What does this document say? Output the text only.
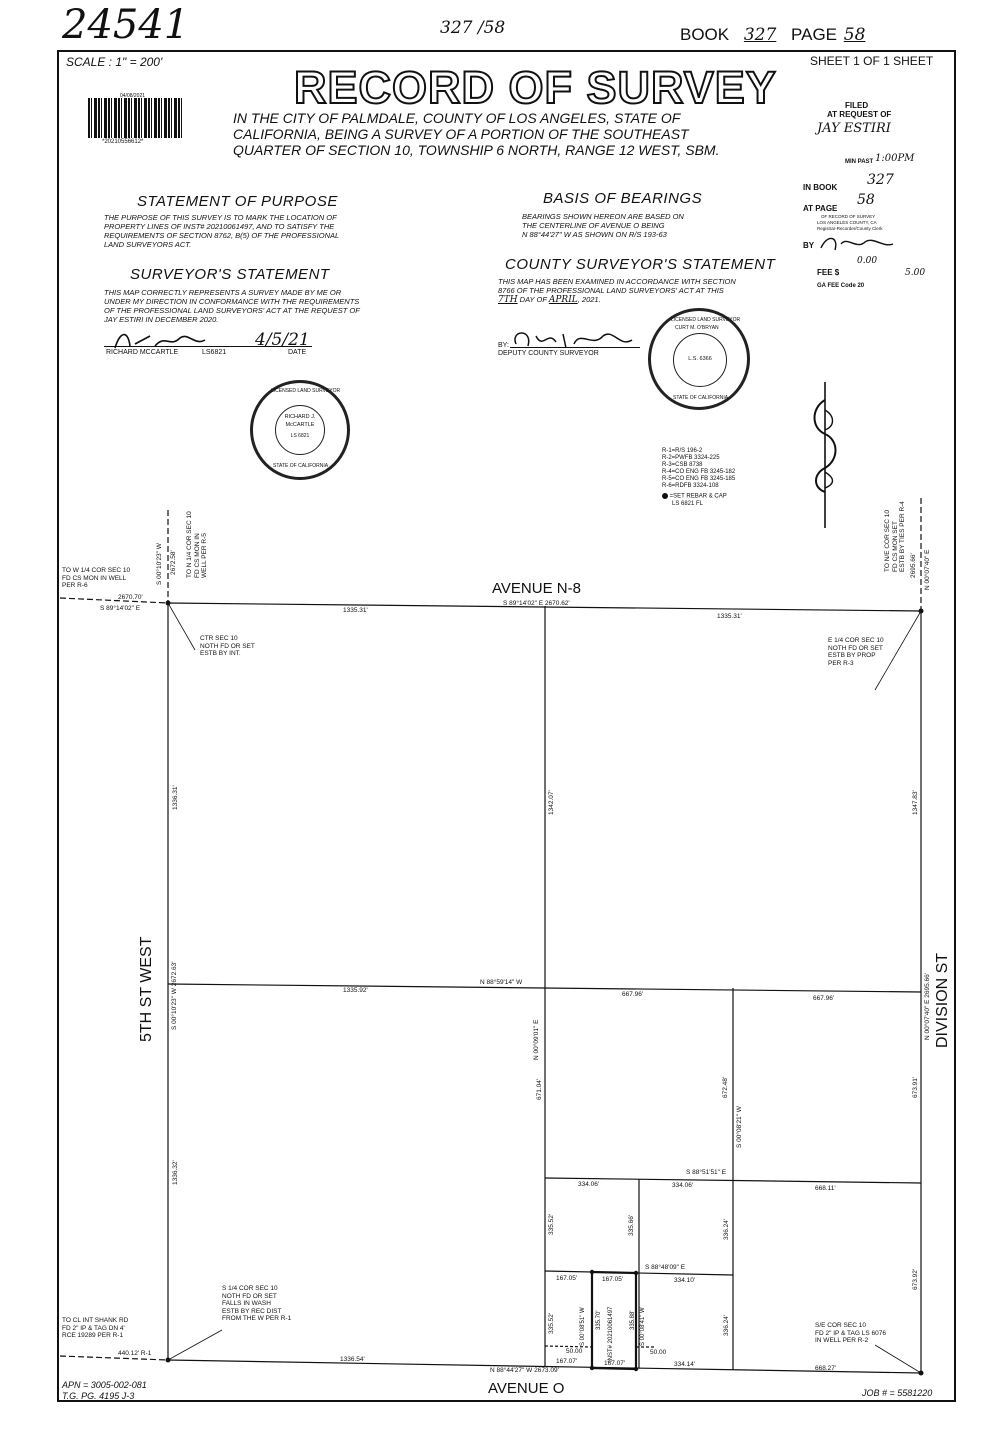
24541	327 /58	BOOK 327 PAGE 58
SCALE : 1" = 200'	SHEET 1 OF 1 SHEET
RECORD OF SURVEY
04/08/2021
*20210556612*
IN THE CITY OF PALMDALE, COUNTY OF LOS ANGELES, STATE OF
CALIFORNIA, BEING A SURVEY OF A PORTION OF THE SOUTHEAST
QUARTER OF SECTION 10, TOWNSHIP 6 NORTH, RANGE 12 WEST, SBM.
STATEMENT OF PURPOSE
THE PURPOSE OF THIS SURVEY IS TO MARK THE LOCATION OF
PROPERTY LINES OF INST# 20210061497, AND TO SATISFY THE
REQUIREMENTS OF SECTION 8762, B(5) OF THE PROFESSIONAL
LAND SURVEYORS ACT.
BASIS OF BEARINGS
BEARINGS SHOWN HEREON ARE BASED ON
THE CENTERLINE OF AVENUE O BEING
N 88°44'27" W AS SHOWN ON R/S 193-63
SURVEYOR'S STATEMENT
THIS MAP CORRECTLY REPRESENTS A SURVEY MADE BY ME OR
UNDER MY DIRECTION IN CONFORMANCE WITH THE REQUIREMENTS
OF THE PROFESSIONAL LAND SURVEYORS' ACT AT THE REQUEST OF
JAY ESTIRI IN DECEMBER 2020.
4/5/21
RICHARD MCCARTLE	LS6821	DATE
RICHARD J.
McCARTLE
LS 6821
LICENSED LAND SURVEYOR
STATE OF CALIFORNIA
COUNTY SURVEYOR'S STATEMENT
THIS MAP HAS BEEN EXAMINED IN ACCORDANCE WITH SECTION
8766 OF THE PROFESSIONAL LAND SURVEYORS' ACT AT THIS
7TH DAY OF APRIL, 2021.
BY:
DEPUTY COUNTY SURVEYOR
L.S. 6366
LICENSED LAND SURVEYOR
CURT M. O'BRYAN
STATE OF CALIFORNIA
FILED
AT REQUEST OF
JAY ESTIRI
MIN PAST 1:00PM
IN BOOK 327
AT PAGE
58
OF RECORD OF SURVEY
LOS ANGELES COUNTY, CA
Registrar-Recorder/County Clerk
BY
0.00
FEE $	5.00
GA FEE Code 20
R-1=R/S 196-2
R-2=PWFB 3324-225
R-3=CSB 8738
R-4=CO ENG FB 3245-182
R-5=CO ENG FB 3245-185
R-6=RDFB 3324-108
=SET REBAR & CAP
LS 6821 FL
AVENUE N-8
AVENUE O
5TH ST WEST	DIVISION ST
TO W 1/4 COR SEC 10
FD CS MON IN WELL
PER R-6
TO N 1/4 COR SEC 10 FD CS MON IN WELL PER R-5	TO N/E COR SEC 10 FD CS MON SET ESTB BY TIES PER R-4
CTR SEC 10
NOTH FD OR SET
ESTB BY INT.
E 1/4 COR SEC 10
NOTH FD OR SET
ESTB BY PROP
PER R-3
S 1/4 COR SEC 10
NOTH FD OR SET
FALLS IN WASH
ESTB BY REC DIST
FROM THE W PER R-1
TO CL INT SHANK RD
FD 2" IP & TAG DN 4'
RCE 19289 PER R-1
S/E COR SEC 10
FD 2" IP & TAG LS 6076
IN WELL PER R-2
2670.70'
S 89°14'02" E
S 89°14'02" E 2670.62'
1335.31'
1335.31'
1335.92'
N 88°59'14" W
667.96'
667.96'
S 88°51'51" E
334.06'	334.06'	668.11'
S 88°48'09" E
167.05'	167.05'	334.10'
50.00	50.00
167.07'	167.07'	334.14'
440.12' R-1
1336.54'
N 88°44'27" W 2673.09'	668.27'
S 00°10'23" W 2672.58'	N 00°07'40" E
2695.66'
1336.31'	1342.07'	1347.83'
S 00°10'23" W 2672.63'	N 00°07'40" E 2695.66'
N 00°09'01" E
671.04'	672.48'
S 00°08'21" W
673.91'
1336.32'
335.52'	335.66'	336.24'
673.92'
335.52'	S 00°08'51" W 335.70' INST# 20210061497	335.88' S 00°08'41" W	336.24'
APN = 3005-002-081
T.G. PG. 4195 J-3	JOB # = 5581220
